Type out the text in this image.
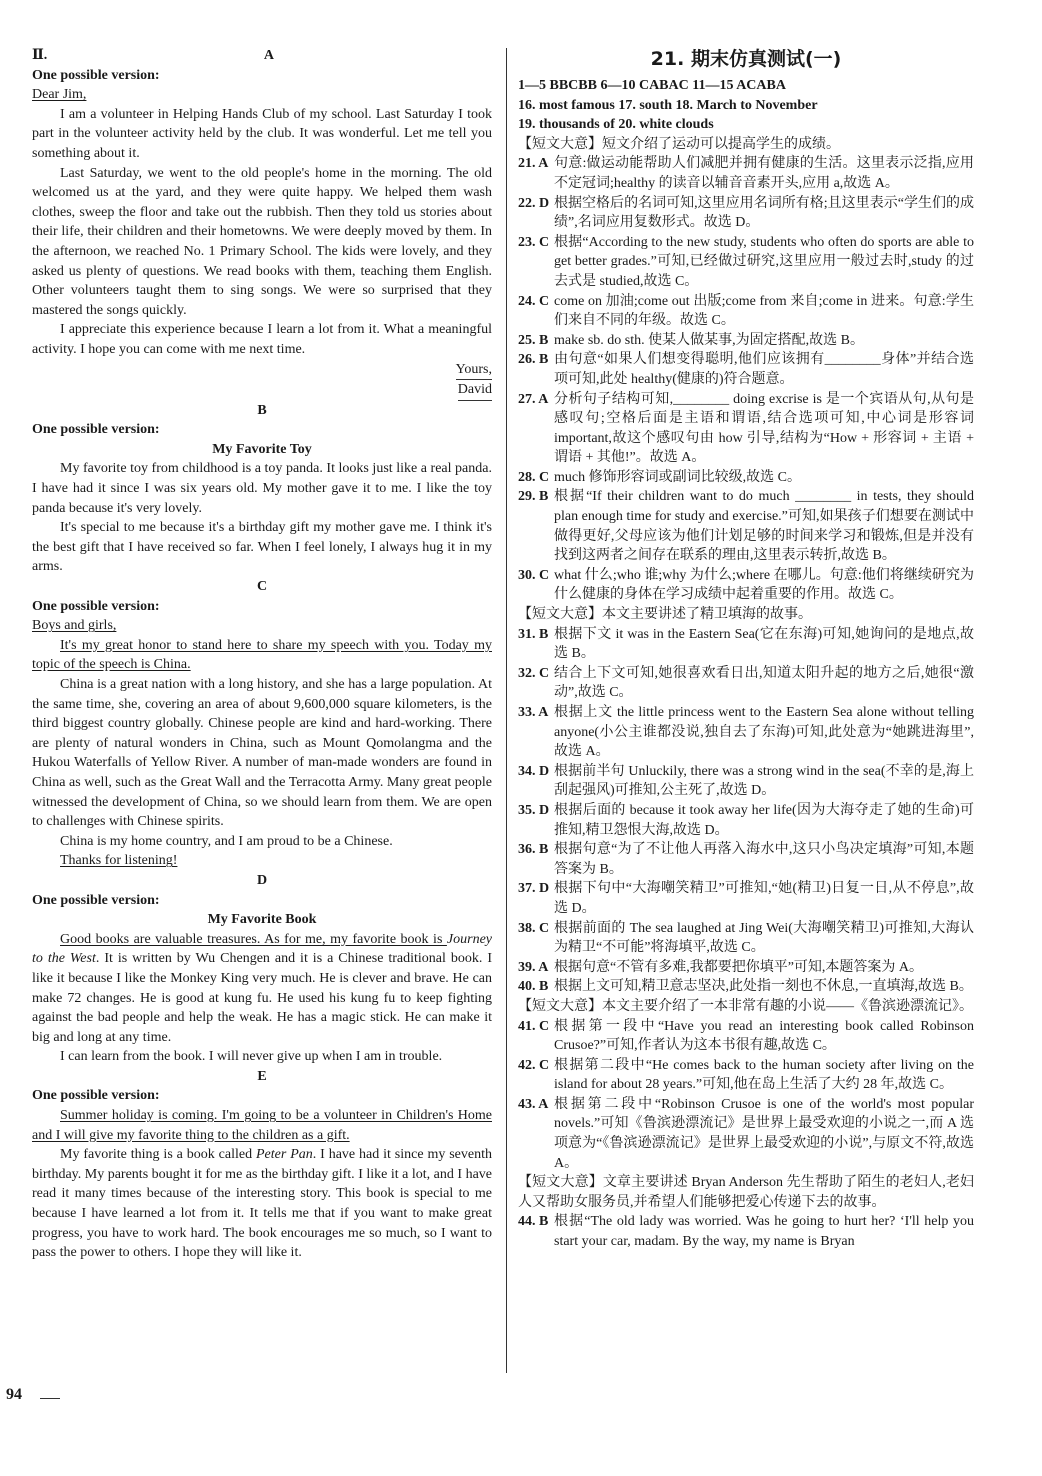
Ⅱ.	A
One possible version:
Dear Jim,
I am a volunteer in Helping Hands Club of my school. Last Saturday I took part in the volunteer activity held by the club. It was wonderful. Let me tell you something about it.
Last Saturday, we went to the old people's home in the morning. The old welcomed us at the yard, and they were quite happy. We helped them wash clothes, sweep the floor and take out the rubbish. Then they told us stories about their life, their children and their hometowns. We were deeply moved by them. In the afternoon, we reached No. 1 Primary School. The kids were lovely, and they asked us plenty of questions. We read books with them, teaching them English. Other volunteers taught them to sing songs. We were so surprised that they mastered the songs quickly.
I appreciate this experience because I learn a lot from it. What a meaningful activity. I hope you can come with me next time.
Yours,
David
B
One possible version:
My Favorite Toy
My favorite toy from childhood is a toy panda. It looks just like a real panda. I have had it since I was six years old. My mother gave it to me. I like the toy panda because it's very lovely.
It's special to me because it's a birthday gift my mother gave me. I think it's the best gift that I have received so far. When I feel lonely, I always hug it in my arms.
C
One possible version:
Boys and girls,
It's my great honor to stand here to share my speech with you. Today my topic of the speech is China.
China is a great nation with a long history, and she has a large population. At the same time, she, covering an area of about 9,600,000 square kilometers, is the third biggest country globally. Chinese people are kind and hard-working. There are plenty of natural wonders in China, such as Mount Qomolangma and the Hukou Waterfalls of Yellow River. A number of man-made wonders are found in China as well, such as the Great Wall and the Terracotta Army. Many great people witnessed the development of China, so we should learn from them. We are open to challenges with Chinese spirits.
China is my home country, and I am proud to be a Chinese.
Thanks for listening!
D
One possible version:
My Favorite Book
Good books are valuable treasures. As for me, my favorite book is Journey to the West. It is written by Wu Chengen and it is a Chinese traditional book. I like it because I like the Monkey King very much. He is clever and brave. He can make 72 changes. He is good at kung fu. He used his kung fu to keep fighting against the bad people and help the weak. He has a magic stick. He can make it big and long at any time.
I can learn from the book. I will never give up when I am in trouble.
E
One possible version:
Summer holiday is coming. I'm going to be a volunteer in Children's Home and I will give my favorite thing to the children as a gift.
My favorite thing is a book called Peter Pan. I have had it since my seventh birthday. My parents bought it for me as the birthday gift. I like it a lot, and I have read it many times because of the interesting story. This book is special to me because I have learned a lot from it. It tells me that if you want to make great progress, you have to work hard. The book encourages me so much, so I want to pass the power to others. I hope they will like it.
21. 期末仿真测试(一)
1—5 BBCBB 6—10 CABAC 11—15 ACABA
16. most famous 17. south 18. March to November
19. thousands of 20. white clouds
【短文大意】短文介绍了运动可以提高学生的成绩。
21. A 句意:做运动能帮助人们减肥并拥有健康的生活。这里表示泛指,应用不定冠词;healthy 的读音以辅音音素开头,应用 a,故选 A。
22. D 根据空格后的名词可知,这里应用名词所有格;且这里表示“学生们的成绩”,名词应用复数形式。故选 D。
23. C 根据“According to the new study, students who often do sports are able to get better grades.”可知,已经做过研究,这里应用一般过去时,study 的过去式是 studied,故选 C。
24. C come on 加油;come out 出版;come from 来自;come in 进来。句意:学生们来自不同的年级。故选 C。
25. B make sb. do sth. 使某人做某事,为固定搭配,故选 B。
26. B 由句意“如果人们想变得聪明,他们应该拥有________身体”并结合选项可知,此处 healthy(健康的)符合题意。
27. A 分析句子结构可知,________ doing excrise is 是一个宾语从句,从句是感叹句;空格后面是主语和谓语,结合选项可知,中心词是形容词 important,故这个感叹句由 how 引导,结构为“How + 形容词 + 主语 + 谓语 + 其他!”。故选 A。
28. C much 修饰形容词或副词比较级,故选 C。
29. B 根据“If their children want to do much ________ in tests, they should plan enough time for study and exercise.”可知,如果孩子们想要在测试中做得更好,父母应该为他们计划足够的时间来学习和锻炼,但是并没有找到这两者之间存在联系的理由,这里表示转折,故选 B。
30. C what 什么;who 谁;why 为什么;where 在哪儿。句意:他们将继续研究为什么健康的身体在学习成绩中起着重要的作用。故选 C。
【短文大意】本文主要讲述了精卫填海的故事。
31. B 根据下文 it was in the Eastern Sea(它在东海)可知,她询问的是地点,故选 B。
32. C 结合上下文可知,她很喜欢看日出,知道太阳升起的地方之后,她很“激动”,故选 C。
33. A 根据上文 the little princess went to the Eastern Sea alone without telling anyone(小公主谁都没说,独自去了东海)可知,此处意为“她跳进海里”,故选 A。
34. D 根据前半句 Unluckily, there was a strong wind in the sea(不幸的是,海上刮起强风)可推知,公主死了,故选 D。
35. D 根据后面的 because it took away her life(因为大海夺走了她的生命)可推知,精卫怨恨大海,故选 D。
36. B 根据句意“为了不让他人再落入海水中,这只小鸟决定填海”可知,本题答案为 B。
37. D 根据下句中“大海嘲笑精卫”可推知,“她(精卫)日复一日,从不停息”,故选 D。
38. C 根据前面的 The sea laughed at Jing Wei(大海嘲笑精卫)可推知,大海认为精卫“不可能”将海填平,故选 C。
39. A 根据句意“不管有多难,我都要把你填平”可知,本题答案为 A。
40. B 根据上文可知,精卫意志坚决,此处指一刻也不休息,一直填海,故选 B。
【短文大意】本文主要介绍了一本非常有趣的小说——《鲁滨逊漂流记》。
41. C 根据第一段中“Have you read an interesting book called Robinson Crusoe?”可知,作者认为这本书很有趣,故选 C。
42. C 根据第二段中“He comes back to the human society after living on the island for about 28 years.”可知,他在岛上生活了大约 28 年,故选 C。
43. A 根据第二段中“Robinson Crusoe is one of the world's most popular novels.”可知《鲁滨逊漂流记》是世界上最受欢迎的小说之一,而 A 选项意为“《鲁滨逊漂流记》是世界上最受欢迎的小说”,与原文不符,故选 A。
【短文大意】文章主要讲述 Bryan Anderson 先生帮助了陌生的老妇人,老妇人又帮助女服务员,并希望人们能够把爱心传递下去的故事。
44. B 根据“The old lady was worried. Was he going to hurt her? ‘I'll help you start your car, madam. By the way, my name is Bryan
94
